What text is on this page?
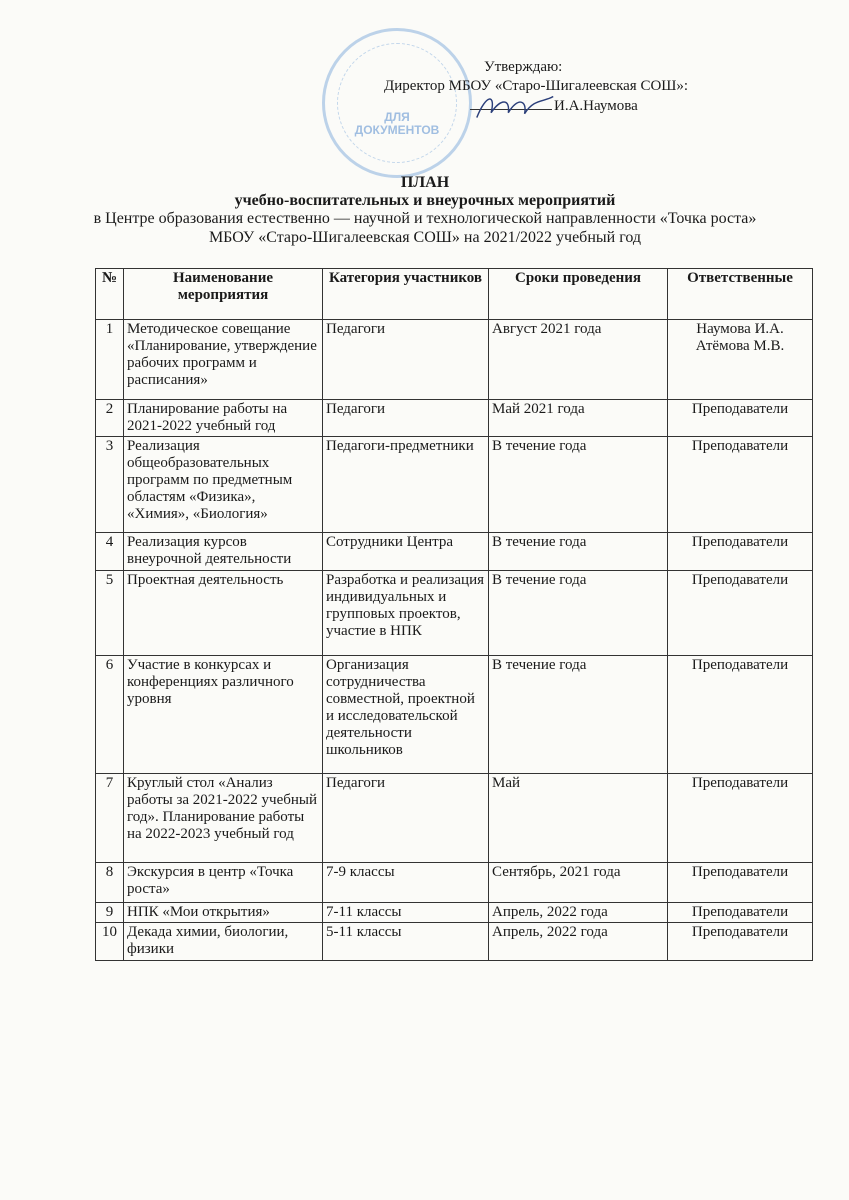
ДЛЯ
ДОКУМЕНТОВ
Утверждаю:
Директор МБОУ «Старо-Шигалеевская СОШ»:
И.А.Наумова
ПЛАН
учебно-воспитательных и внеурочных мероприятий
в Центре образования естественно — научной и технологической направленности «Точка роста»
МБОУ «Старо-Шигалеевская СОШ» на 2021/2022 учебный год
№	Наименование мероприятия	Категория участников	Сроки проведения	Ответственные
1	Методическое совещание «Планирование, утверждение рабочих программ и расписания»	Педагоги	Август 2021 года	Наумова И.А. Атёмова М.В.
2	Планирование работы на 2021-2022 учебный год	Педагоги	Май 2021 года	Преподаватели
3	Реализация общеобразовательных программ по предметным областям «Физика», «Химия», «Биология»	Педагоги-предметники	В течение года	Преподаватели
4	Реализация курсов внеурочной деятельности	Сотрудники Центра	В течение года	Преподаватели
5	Проектная деятельность	Разработка и реализация индивидуальных и групповых проектов, участие в НПК	В течение года	Преподаватели
6	Участие в конкурсах и конференциях различного уровня	Организация сотрудничества совместной, проектной и исследовательской деятельности школьников	В течение года	Преподаватели
7	Круглый стол «Анализ работы за 2021-2022 учебный год». Планирование работы на 2022-2023 учебный год	Педагоги	Май	Преподаватели
8	Экскурсия в центр «Точка роста»	7-9 классы	Сентябрь, 2021 года	Преподаватели
9	НПК «Мои открытия»	7-11 классы	Апрель, 2022 года	Преподаватели
10	Декада химии, биологии, физики	5-11 классы	Апрель, 2022 года	Преподаватели
